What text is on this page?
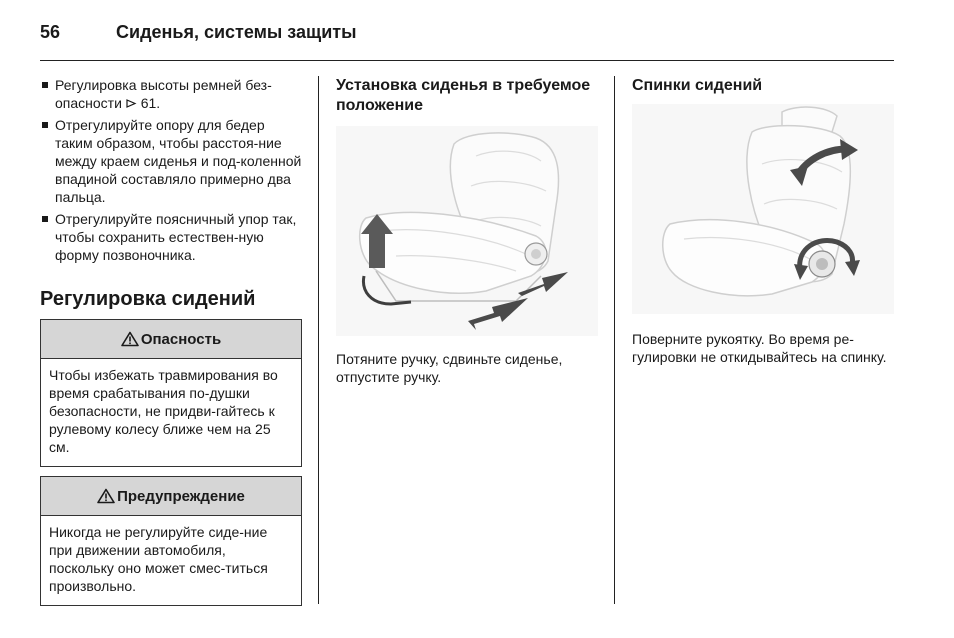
56	Сиденья, системы защиты
Регулировка высоты ремней без-опасности 61.
Отрегулируйте опору для бедер таким образом, чтобы расстоя-ние между краем сиденья и под-коленной впадиной составляло примерно два пальца.
Отрегулируйте поясничный упор так, чтобы сохранить естествен-ную форму позвоночника.
Регулировка сидений
Опасность
Чтобы избежать травмирования во время срабатывания по-душки безопасности, не придви-гайтесь к рулевому колесу ближе чем на 25 см.
Предупреждение
Никогда не регулируйте сиде-ние при движении автомобиля, поскольку оно может смес-титься произвольно.
Установка сиденья в требуемое положение

Потяните ручку, сдвиньте сиденье, отпустите ручку.

Спинки сидений

Поверните рукоятку. Во время ре-гулировки не откидывайтесь на спинку.
